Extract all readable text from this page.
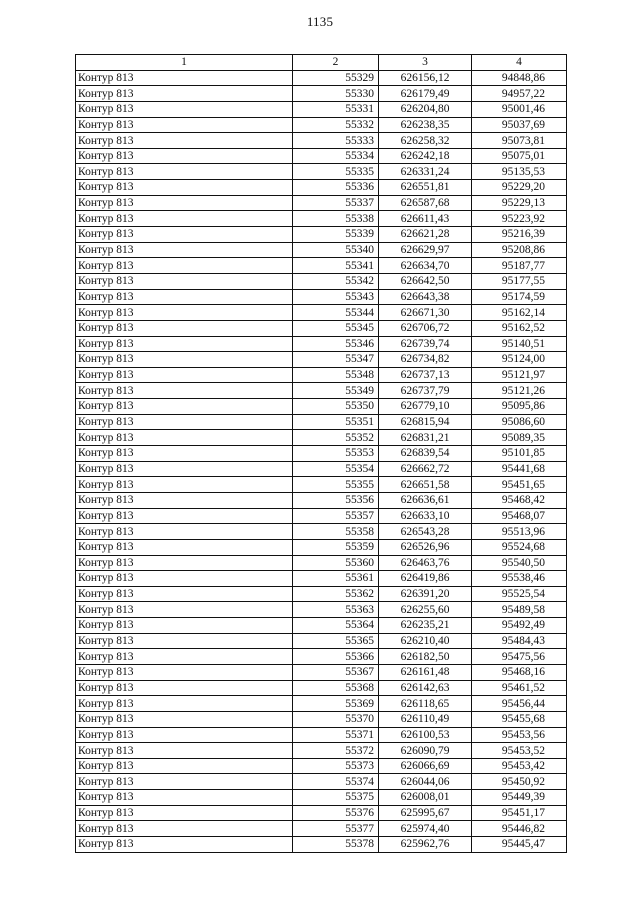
1135
1	2	3	4
Контур 813	55329	626156,12	94848,86
Контур 813	55330	626179,49	94957,22
Контур 813	55331	626204,80	95001,46
Контур 813	55332	626238,35	95037,69
Контур 813	55333	626258,32	95073,81
Контур 813	55334	626242,18	95075,01
Контур 813	55335	626331,24	95135,53
Контур 813	55336	626551,81	95229,20
Контур 813	55337	626587,68	95229,13
Контур 813	55338	626611,43	95223,92
Контур 813	55339	626621,28	95216,39
Контур 813	55340	626629,97	95208,86
Контур 813	55341	626634,70	95187,77
Контур 813	55342	626642,50	95177,55
Контур 813	55343	626643,38	95174,59
Контур 813	55344	626671,30	95162,14
Контур 813	55345	626706,72	95162,52
Контур 813	55346	626739,74	95140,51
Контур 813	55347	626734,82	95124,00
Контур 813	55348	626737,13	95121,97
Контур 813	55349	626737,79	95121,26
Контур 813	55350	626779,10	95095,86
Контур 813	55351	626815,94	95086,60
Контур 813	55352	626831,21	95089,35
Контур 813	55353	626839,54	95101,85
Контур 813	55354	626662,72	95441,68
Контур 813	55355	626651,58	95451,65
Контур 813	55356	626636,61	95468,42
Контур 813	55357	626633,10	95468,07
Контур 813	55358	626543,28	95513,96
Контур 813	55359	626526,96	95524,68
Контур 813	55360	626463,76	95540,50
Контур 813	55361	626419,86	95538,46
Контур 813	55362	626391,20	95525,54
Контур 813	55363	626255,60	95489,58
Контур 813	55364	626235,21	95492,49
Контур 813	55365	626210,40	95484,43
Контур 813	55366	626182,50	95475,56
Контур 813	55367	626161,48	95468,16
Контур 813	55368	626142,63	95461,52
Контур 813	55369	626118,65	95456,44
Контур 813	55370	626110,49	95455,68
Контур 813	55371	626100,53	95453,56
Контур 813	55372	626090,79	95453,52
Контур 813	55373	626066,69	95453,42
Контур 813	55374	626044,06	95450,92
Контур 813	55375	626008,01	95449,39
Контур 813	55376	625995,67	95451,17
Контур 813	55377	625974,40	95446,82
Контур 813	55378	625962,76	95445,47
